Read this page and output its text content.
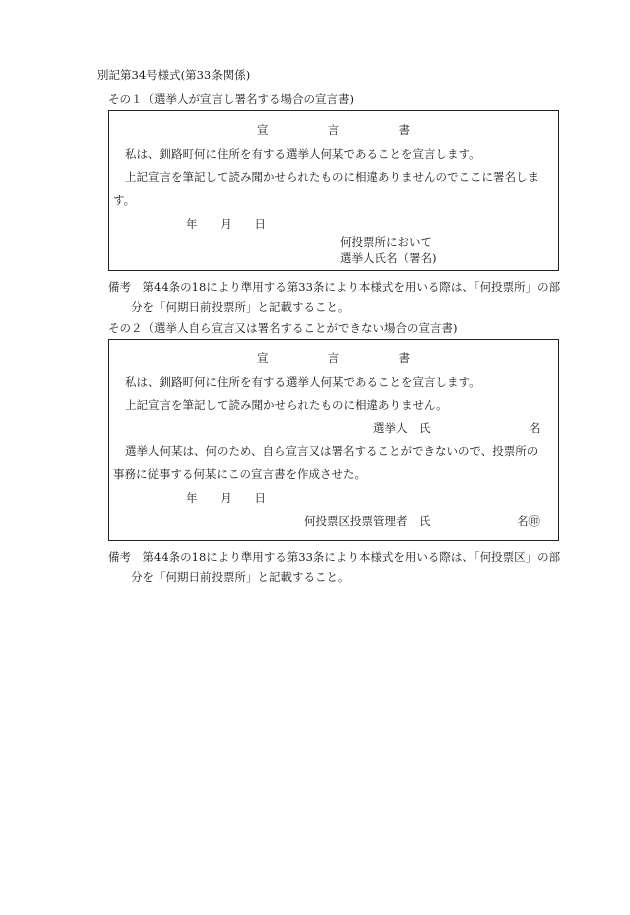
別記第34号様式(第33条関係)
その１（選挙人が宣言し署名する場合の宣言書)
宣	言	書
私は、釧路町何に住所を有する選挙人何某であることを宣言します。
上記宣言を筆記して読み聞かせられたものに相違ありませんのでここに署名しま
す。
年 月 日
何投票所において
選挙人氏名（署名)
備考　第44条の18により準用する第33条により本様式を用いる際は、「何投票所」の部
分を「何期日前投票所」と記載すること。
その２（選挙人自ら宣言又は署名することができない場合の宣言書)
宣	言	書
私は、釧路町何に住所を有する選挙人何某であることを宣言します。
上記宣言を筆記して読み聞かせられたものに相違ありません。
選挙人　氏	名
選挙人何某は、何のため、自ら宣言又は署名することができないので、投票所の
事務に従事する何某にこの宣言書を作成させた。
年 月 日
何投票区投票管理者　氏	名㊞
備考　第44条の18により準用する第33条により本様式を用いる際は、「何投票区」の部
分を「何期日前投票所」と記載すること。
